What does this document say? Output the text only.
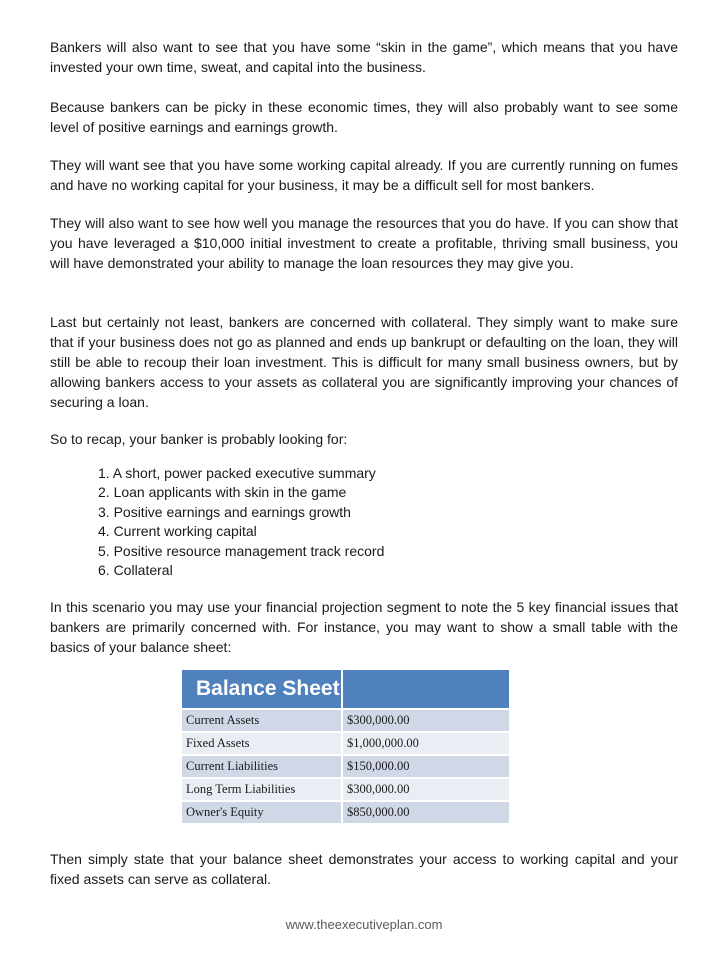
Bankers will also want to see that you have some “skin in the game”, which means that you have invested your own time, sweat, and capital into the business.

Because bankers can be picky in these economic times, they will also probably want to see some level of positive earnings and earnings growth.

They will want see that you have some working capital already. If you are currently running on fumes and have no working capital for your business, it may be a difficult sell for most bankers.

They will also want to see how well you manage the resources that you do have. If you can show that you have leveraged a $10,000 initial investment to create a profitable, thriving small business, you will have demonstrated your ability to manage the loan resources they may give you.

Last but certainly not least, bankers are concerned with collateral. They simply want to make sure that if your business does not go as planned and ends up bankrupt or defaulting on the loan, they will still be able to recoup their loan investment. This is difficult for many small business owners, but by allowing bankers access to your assets as collateral you are significantly improving your chances of securing a loan.

So to recap, your banker is probably looking for:

1. A short, power packed executive summary
2. Loan applicants with skin in the game
3. Positive earnings and earnings growth
4. Current working capital
5. Positive resource management track record
6. Collateral

In this scenario you may use your financial projection segment to note the 5 key financial issues that bankers are primarily concerned with. For instance, you may want to show a small table with the basics of your balance sheet:

Balance Sheet	
Current Assets	$300,000.00
Fixed Assets	$1,000,000.00
Current Liabilities	$150,000.00
Long Term Liabilities	$300,000.00
Owner's Equity	$850,000.00

Then simply state that your balance sheet demonstrates your access to working capital and your fixed assets can serve as collateral.

www.theexecutiveplan.com
